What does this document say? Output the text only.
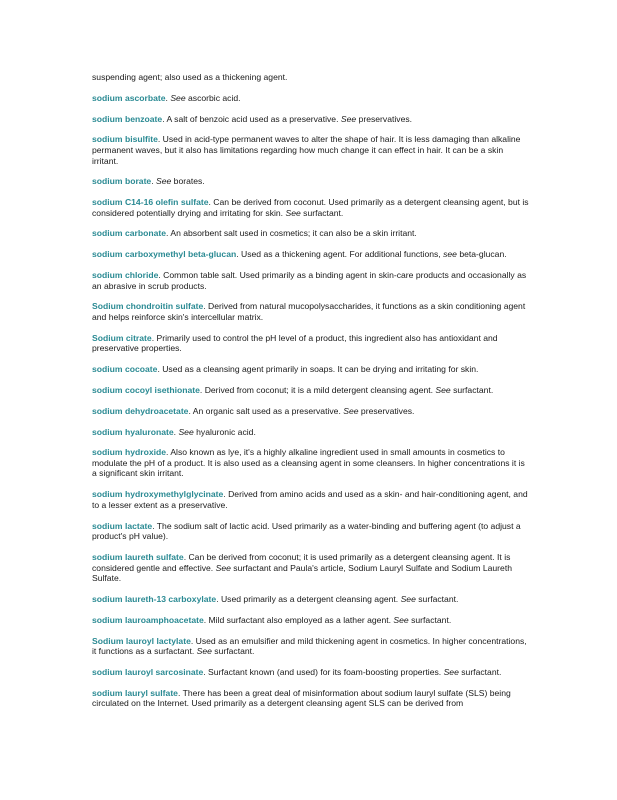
suspending agent; also used as a thickening agent.

sodium ascorbate. See ascorbic acid.

sodium benzoate. A salt of benzoic acid used as a preservative. See preservatives.

sodium bisulfite. Used in acid-type permanent waves to alter the shape of hair. It is less damaging than alkaline permanent waves, but it also has limitations regarding how much change it can effect in hair. It can be a skin irritant.

sodium borate. See borates.

sodium C14-16 olefin sulfate. Can be derived from coconut. Used primarily as a detergent cleansing agent, but is considered potentially drying and irritating for skin. See surfactant.

sodium carbonate. An absorbent salt used in cosmetics; it can also be a skin irritant.

sodium carboxymethyl beta-glucan. Used as a thickening agent. For additional functions, see beta-glucan.

sodium chloride. Common table salt. Used primarily as a binding agent in skin-care products and occasionally as an abrasive in scrub products.

Sodium chondroitin sulfate. Derived from natural mucopolysaccharides, it functions as a skin conditioning agent and helps reinforce skin's intercellular matrix.

Sodium citrate. Primarily used to control the pH level of a product, this ingredient also has antioxidant and preservative properties.

sodium cocoate. Used as a cleansing agent primarily in soaps. It can be drying and irritating for skin.

sodium cocoyl isethionate. Derived from coconut; it is a mild detergent cleansing agent. See surfactant.

sodium dehydroacetate. An organic salt used as a preservative. See preservatives.

sodium hyaluronate. See hyaluronic acid.

sodium hydroxide. Also known as lye, it's a highly alkaline ingredient used in small amounts in cosmetics to modulate the pH of a product. It is also used as a cleansing agent in some cleansers. In higher concentrations it is a significant skin irritant.

sodium hydroxymethylglycinate. Derived from amino acids and used as a skin- and hair-conditioning agent, and to a lesser extent as a preservative.

sodium lactate. The sodium salt of lactic acid. Used primarily as a water-binding and buffering agent (to adjust a product's pH value).

sodium laureth sulfate. Can be derived from coconut; it is used primarily as a detergent cleansing agent. It is considered gentle and effective. See surfactant and Paula's article, Sodium Lauryl Sulfate and Sodium Laureth Sulfate.

sodium laureth-13 carboxylate. Used primarily as a detergent cleansing agent. See surfactant.

sodium lauroamphoacetate. Mild surfactant also employed as a lather agent. See surfactant.

Sodium lauroyl lactylate. Used as an emulsifier and mild thickening agent in cosmetics. In higher concentrations, it functions as a surfactant. See surfactant.

sodium lauroyl sarcosinate. Surfactant known (and used) for its foam-boosting properties. See surfactant.

sodium lauryl sulfate. There has been a great deal of misinformation about sodium lauryl sulfate (SLS) being circulated on the Internet. Used primarily as a detergent cleansing agent SLS can be derived from
